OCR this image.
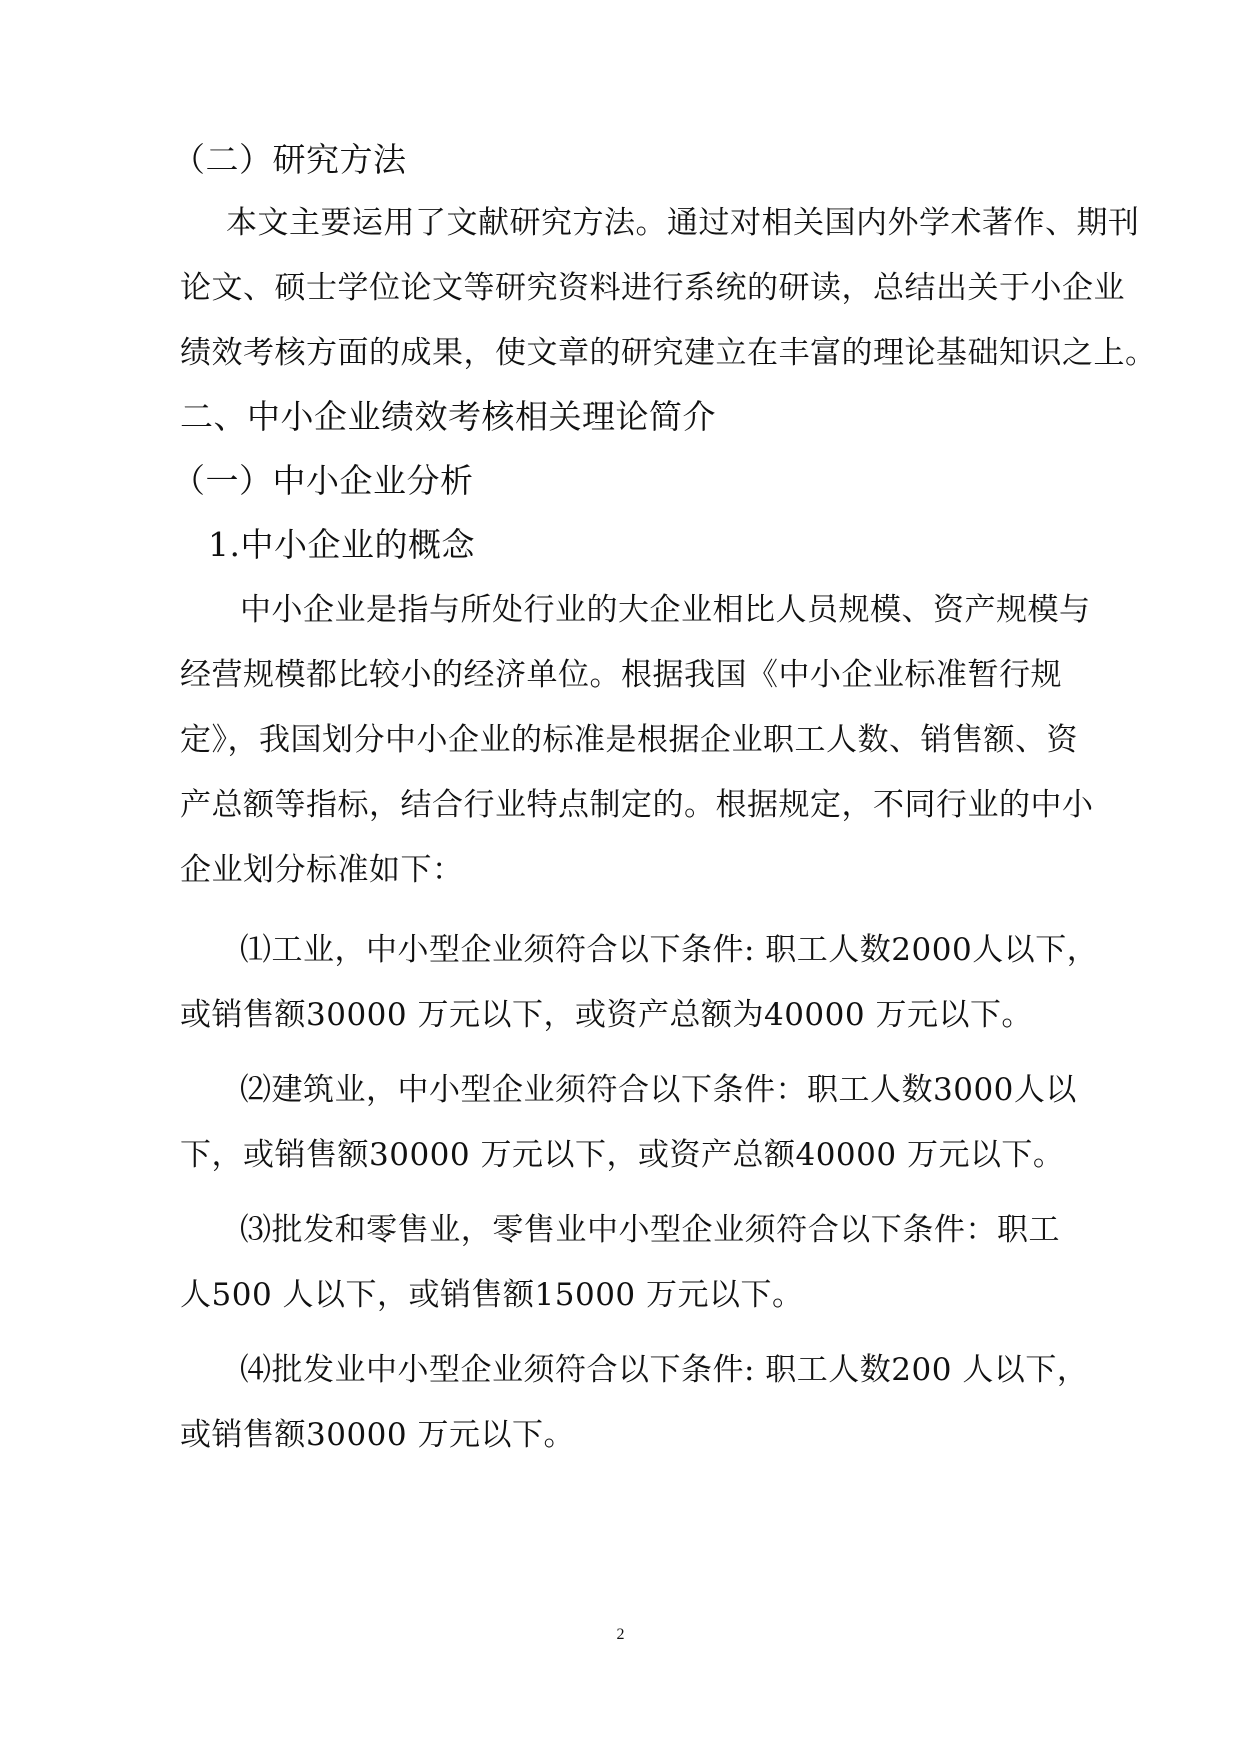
（二）研究方法
本文主要运用了文献研究方法。通过对相关国内外学术著作、期刊
论文、硕士学位论文等研究资料进行系统的研读，总结出关于小企业
绩效考核方面的成果，使文章的研究建立在丰富的理论基础知识之上。
二、中小企业绩效考核相关理论简介
（一）中小企业分析
1.中小企业的概念
中小企业是指与所处行业的大企业相比人员规模、资产规模与
经营规模都比较小的经济单位。根据我国《中小企业标准暂行规
定》，我国划分中小企业的标准是根据企业职工人数、销售额、资
产总额等指标，结合行业特点制定的。根据规定，不同行业的中小
企业划分标准如下：
⑴工业，中小型企业须符合以下条件: 职工人数2000人以下，
或销售额30000 万元以下，或资产总额为40000 万元以下。
⑵建筑业，中小型企业须符合以下条件：职工人数3000人以
下，或销售额30000 万元以下，或资产总额40000 万元以下。
⑶批发和零售业，零售业中小型企业须符合以下条件：职工
人500 人以下，或销售额15000 万元以下。
⑷批发业中小型企业须符合以下条件: 职工人数200 人以下，
或销售额30000 万元以下。
2
